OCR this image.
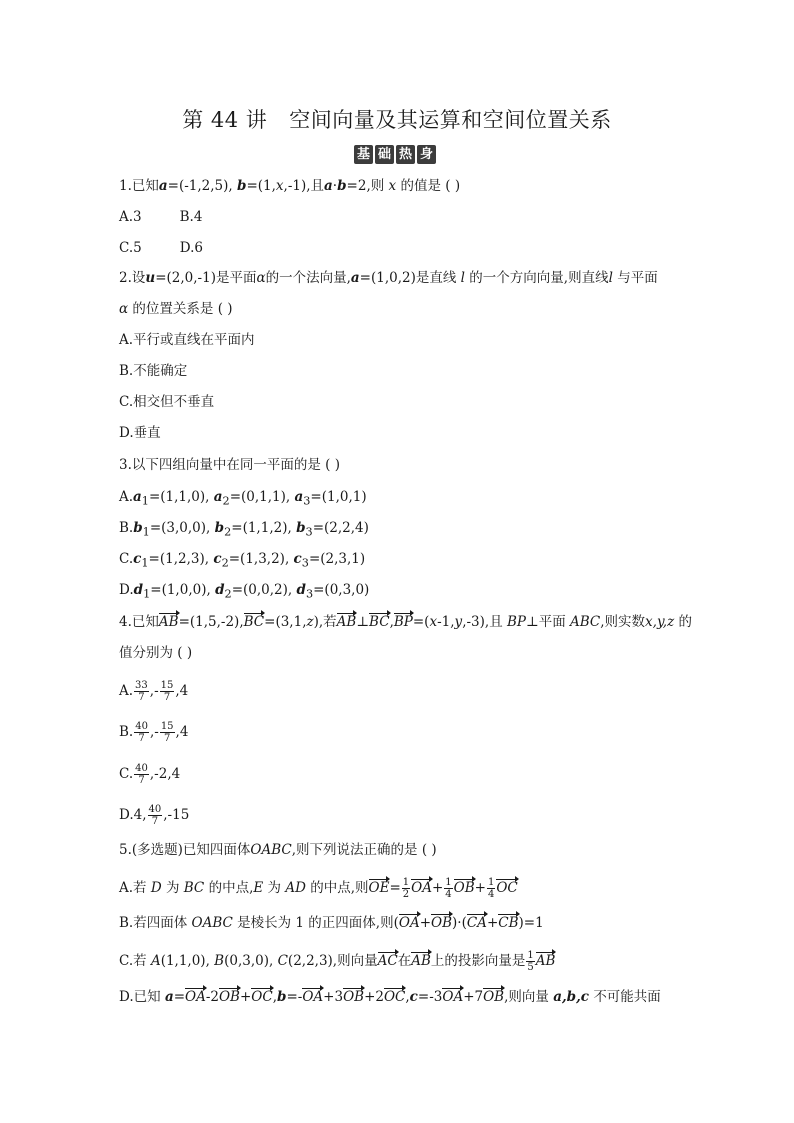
第 44 讲 空间向量及其运算和空间位置关系
基 础 热 身
1.已知a=(-1,2,5), b=(1,x,-1),且a·b=2,则 x 的值是 ( )
A.3	B.4
C.5	D.6
2.设u=(2,0,-1)是平面α的一个法向量,a=(1,0,2)是直线 l 的一个方向向量,则直线l 与平面
α 的位置关系是 ( )
A.平行或直线在平面内
B.不能确定
C.相交但不垂直
D.垂直
3.以下四组向量中在同一平面的是 ( )
$A.a_1=(1,1,0)$, $a_2=(0,1,1)$, $a_3=(1,0,1)$
$B.b_1=(3,0,0)$, $b_2=(1,1,2)$, $b_3=(2,2,4)$
$C.c_1=(1,2,3)$, $c_2=(1,3,2)$, $c_3=(2,3,1)$
$D.d_1=(1,0,0)$, $d_2=(0,0,2)$, $d_3=(0,3,0)$
4.已知AB=(1,5,-2),BC=(3,1,z),若AB⊥BC,BP=(x-1,y,-3),且 BP⊥平面 ABC,则实数x,y,z 的
值分别为 ( )
A. $\frac{33}{7}$ ,- $\frac{15}{7} ,4$
B. $\frac{40}{7}$ ,- $\frac{15}{7} ,4$
C. $\frac{40}{7} ,-2,4$
D.4, $\frac{40}{7} ,-15$
5.(多选题)已知四面体OABC,则下列说法正确的是 ( )
A.若 D 为 BC 的中点,E 为 AD 的中点,则$OE= \frac{1}{2} OA+ \frac{1}{4} OB+ \frac{1}{4}$ OC
B.若四面体 OABC 是棱长为 1 的正四面体,则(OA+OB)·(CA+CB)=1
C.若 A(1,1,0), B(0,3,0), C(2,2,3),则向量AC在AB上的投影向量是 $\frac{1}{5}$ AB
D.已知 a=OA-2OB+OC,b=-OA+3OB+2OC,c=-3OA+7OB,则向量 a,b,c 不可能共面
